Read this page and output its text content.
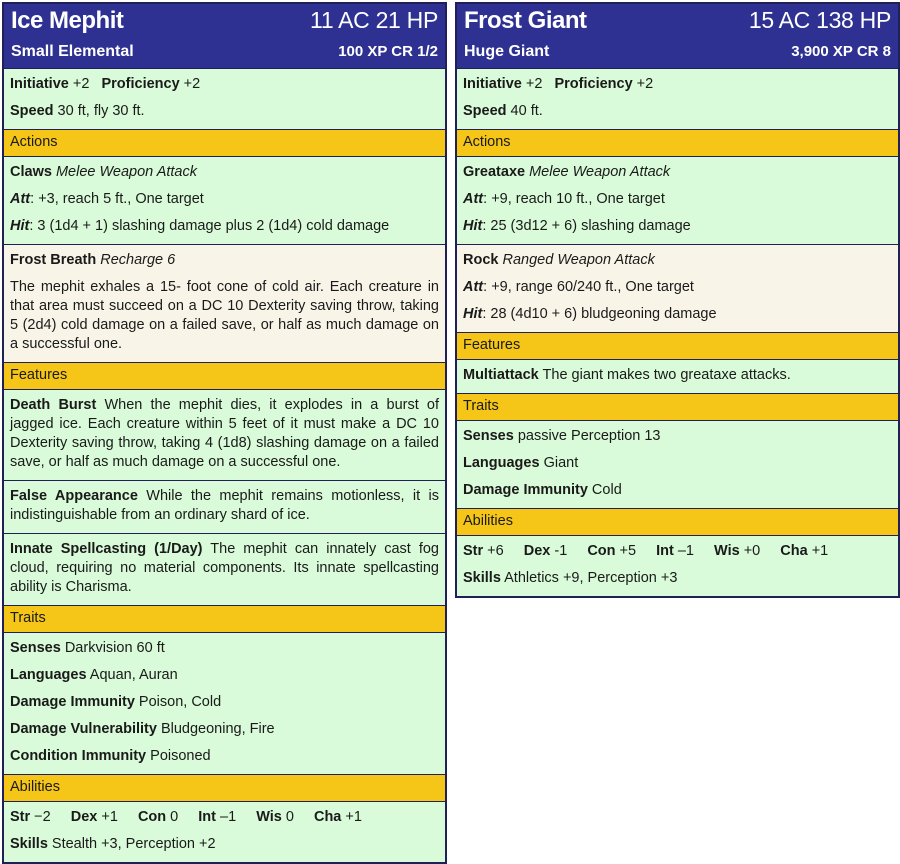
Ice Mephit	11 AC 21 HP
Small Elemental	100 XP CR 1/2
Initiative +2 Proficiency +2
Speed 30 ft, fly 30 ft.
Actions
Claws Melee Weapon Attack
Att: +3, reach 5 ft., One target
Hit: 3 (1d4 + 1) slashing damage plus 2 (1d4) cold damage
Frost Breath Recharge 6
The mephit exhales a 15- foot cone of cold air. Each creature in that area must succeed on a DC 10 Dexterity saving throw, taking 5 (2d4) cold damage on a failed save, or half as much damage on a successful one.
Features
Death Burst When the mephit dies, it explodes in a burst of jagged ice. Each creature within 5 feet of it must make a DC 10 Dexterity saving throw, taking 4 (1d8) slashing damage on a failed save, or half as much damage on a successful one.
False Appearance While the mephit remains motionless, it is indistinguishable from an ordinary shard of ice.
Innate Spellcasting (1/Day) The mephit can innately cast fog cloud, requiring no material components. Its innate spellcasting ability is Charisma.
Traits
Senses Darkvision 60 ft
Languages Aquan, Auran
Damage Immunity Poison, Cold
Damage Vulnerability Bludgeoning, Fire
Condition Immunity Poisoned
Abilities
Str −2 Dex +1 Con 0 Int –1 Wis 0 Cha +1
Skills Stealth +3, Perception +2
Frost Giant	15 AC 138 HP
Huge Giant	3,900 XP CR 8
Initiative +2 Proficiency +2
Speed 40 ft.
Actions
Greataxe Melee Weapon Attack
Att: +9, reach 10 ft., One target
Hit: 25 (3d12 + 6) slashing damage
Rock Ranged Weapon Attack
Att: +9, range 60/240 ft., One target
Hit: 28 (4d10 + 6) bludgeoning damage
Features
Multiattack The giant makes two greataxe attacks.
Traits
Senses passive Perception 13
Languages Giant
Damage Immunity Cold
Abilities
Str +6 Dex -1 Con +5 Int –1 Wis +0 Cha +1
Skills Athletics +9, Perception +3
